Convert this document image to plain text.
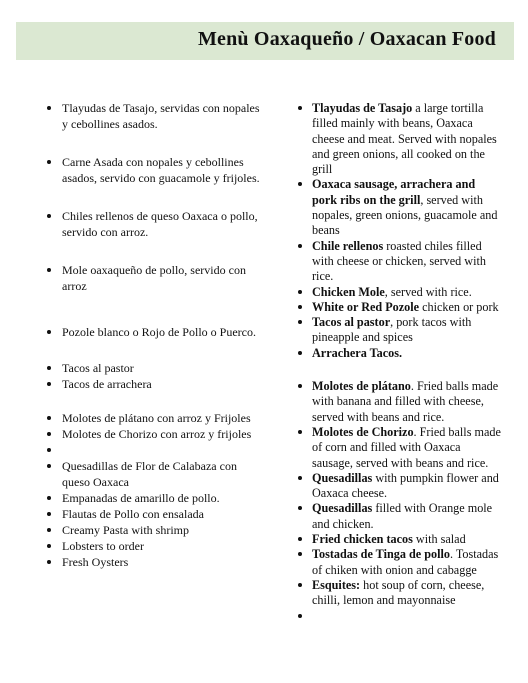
Menù Oaxaqueño / Oaxacan Food
Tlayudas de Tasajo, servidas con nopales y cebollines asados.
Carne Asada con nopales y cebollines asados, servido con guacamole y frijoles.
Chiles rellenos de queso Oaxaca o pollo, servido con arroz.
Mole oaxaqueño de pollo, servido con arroz
Pozole blanco o Rojo de Pollo o Puerco.
Tacos al pastor
Tacos de arrachera
Molotes de plátano con arroz y Frijoles
Molotes de Chorizo con arroz y frijoles
Quesadillas de Flor de Calabaza con queso Oaxaca
Empanadas de amarillo de pollo.
Flautas de Pollo con ensalada
Creamy Pasta with shrimp
Lobsters to order
Fresh Oysters
Tlayudas de Tasajo a large tortilla filled mainly with beans, Oaxaca cheese and meat. Served with nopales and green onions, all cooked on the grill
Oaxaca sausage, arrachera and pork ribs on the grill, served with nopales, green onions, guacamole and beans
Chile rellenos roasted chiles filled with cheese or chicken, served with rice.
Chicken Mole, served with rice.
White or Red Pozole chicken or pork
Tacos al pastor, pork tacos with pineapple and spices
Arrachera Tacos.
Molotes de plátano. Fried balls made with banana and filled with cheese, served with beans and rice.
Molotes de Chorizo. Fried balls made of corn and filled with Oaxaca sausage, served with beans and rice.
Quesadillas with pumpkin flower and Oaxaca cheese.
Quesadillas filled with Orange mole and chicken.
Fried chicken tacos with salad
Tostadas de Tinga de pollo. Tostadas of chiken with onion and cabagge
Esquites: hot soup of corn, cheese, chilli, lemon and mayonnaise
